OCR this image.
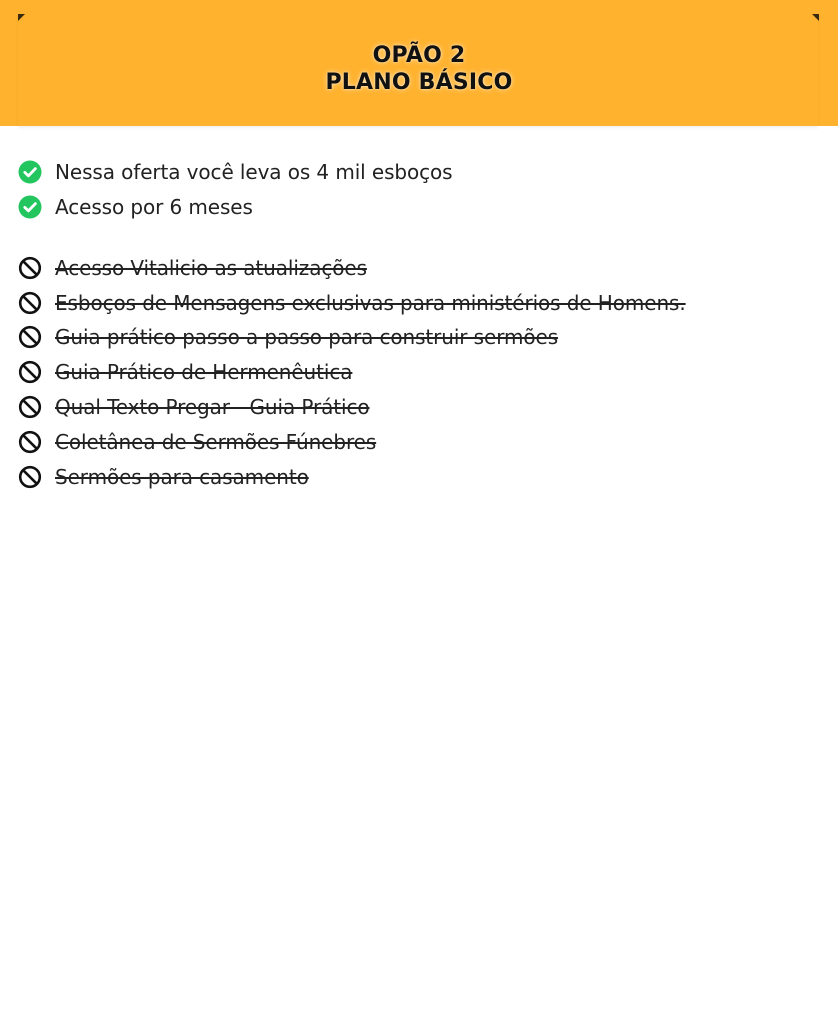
OPÃO 2
PLANO BÁSICO
Nessa oferta você leva os 4 mil esboços
Acesso por 6 meses
Acesso Vitalicio as atualizações
Esboços de Mensagens exclusivas para ministérios de Homens.
Guia prático passo a passo para construir sermões
Guia Prático de Hermenêutica
Qual Texto Pregar - Guia Prático
Coletânea de Sermões Fúnebres
Sermões para casamento
